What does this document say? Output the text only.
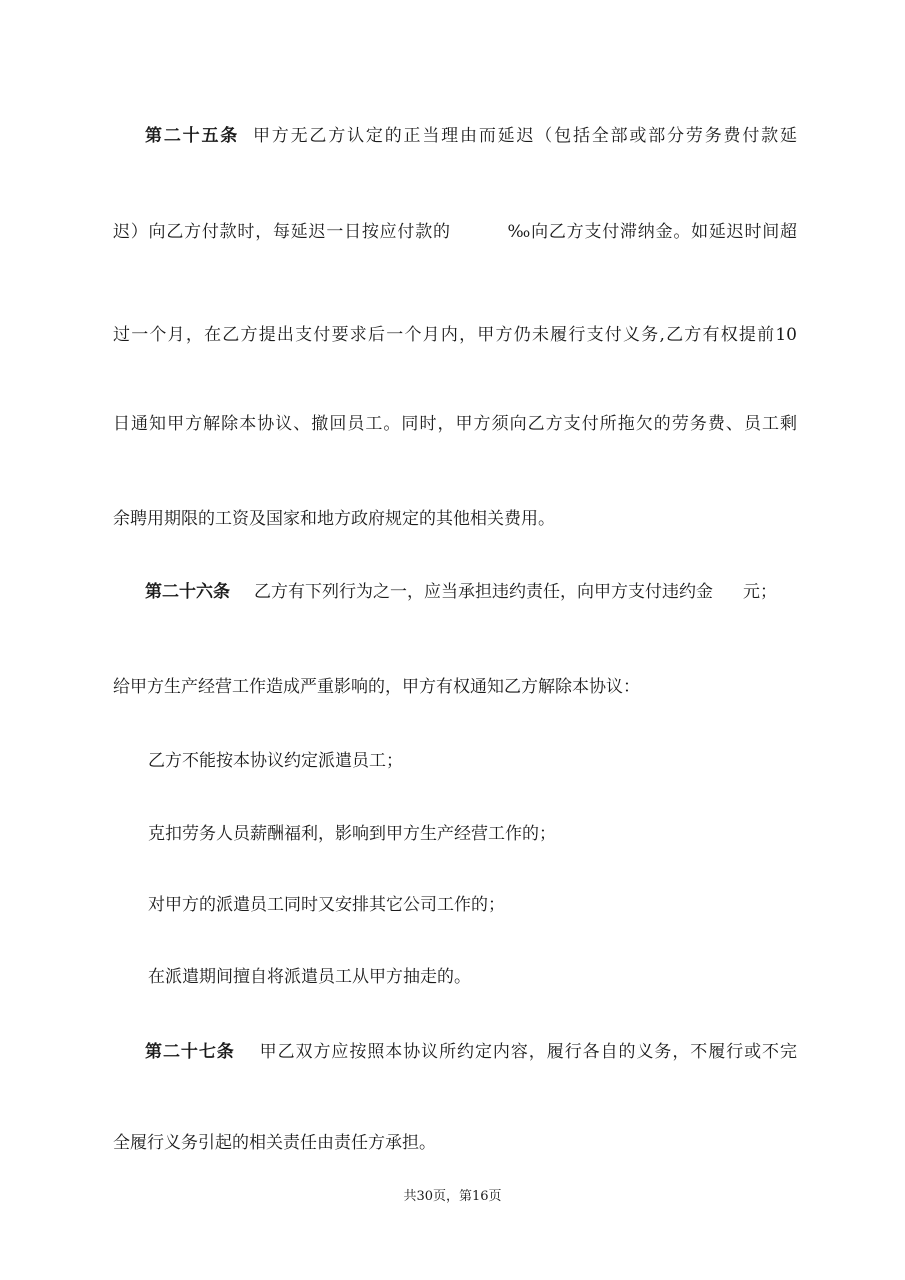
第二十五条 甲方无乙方认定的正当理由而延迟（包括全部或部分劳务费付款延
迟）向乙方付款时，每延迟一日按应付款的	‰向乙方支付滞纳金。如延迟时间超
过一个月，在乙方提出支付要求后一个月内，甲方仍未履行支付义务,乙方有权提前10
日通知甲方解除本协议、撤回员工。同时，甲方须向乙方支付所拖欠的劳务费、员工剩
余聘用期限的工资及国家和地方政府规定的其他相关费用。
第二十六条 乙方有下列行为之一，应当承担违约责任，向甲方支付违约金 元；
给甲方生产经营工作造成严重影响的，甲方有权通知乙方解除本协议：
乙方不能按本协议约定派遣员工；
克扣劳务人员薪酬福利，影响到甲方生产经营工作的；
对甲方的派遣员工同时又安排其它公司工作的；
在派遣期间擅自将派遣员工从甲方抽走的。
第二十七条 甲乙双方应按照本协议所约定内容，履行各自的义务，不履行或不完
全履行义务引起的相关责任由责任方承担。
共30页，第16页
